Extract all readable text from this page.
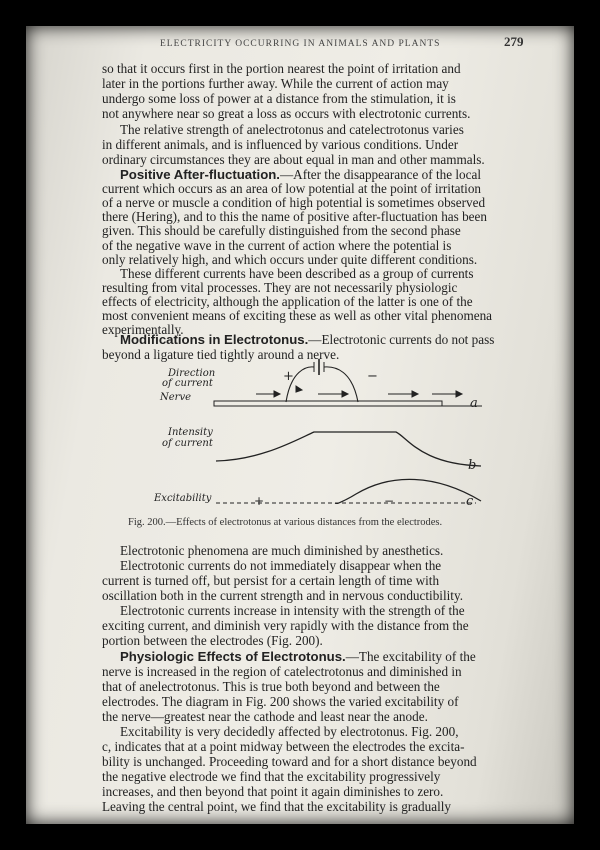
ELECTRICITY OCCURRING IN ANIMALS AND PLANTS	279
so that it occurs first in the portion nearest the point of irritation and
later in the portions further away. While the current of action may
undergo some loss of power at a distance from the stimulation, it is
not anywhere near so great a loss as occurs with electrotonic currents.
The relative strength of anelectrotonus and catelectrotonus varies
in different animals, and is influenced by various conditions. Under
ordinary circumstances they are about equal in man and other mammals.
Positive After-fluctuation.—After the disappearance of the local
current which occurs as an area of low potential at the point of irritation
of a nerve or muscle a condition of high potential is sometimes observed
there (Hering), and to this the name of positive after-fluctuation has been
given. This should be carefully distinguished from the second phase
of the negative wave in the current of action where the potential is
only relatively high, and which occurs under quite different conditions.
These different currents have been described as a group of currents
resulting from vital processes. They are not necessarily physiologic
effects of electricity, although the application of the latter is one of the
most convenient means of exciting these as well as other vital phenomena
experimentally.
Modifications in Electrotonus.—Electrotonic currents do not pass
beyond a ligature tied tightly around a nerve.
Direction
of current
Nerve
+	−
a
Intensity
of current
b
Excitability	+	−	c
Fig. 200.—Effects of electrotonus at various distances from the electrodes.
Electrotonic phenomena are much diminished by anesthetics.
Electrotonic currents do not immediately disappear when the
current is turned off, but persist for a certain length of time with
oscillation both in the current strength and in nervous conductibility.
Electrotonic currents increase in intensity with the strength of the
exciting current, and diminish very rapidly with the distance from the
portion between the electrodes (Fig. 200).
Physiologic Effects of Electrotonus.—The excitability of the
nerve is increased in the region of catelectrotonus and diminished in
that of anelectrotonus. This is true both beyond and between the
electrodes. The diagram in Fig. 200 shows the varied excitability of
the nerve—greatest near the cathode and least near the anode.
Excitability is very decidedly affected by electrotonus. Fig. 200,
c, indicates that at a point midway between the electrodes the excita-
bility is unchanged. Proceeding toward and for a short distance beyond
the negative electrode we find that the excitability progressively
increases, and then beyond that point it again diminishes to zero.
Leaving the central point, we find that the excitability is gradually
